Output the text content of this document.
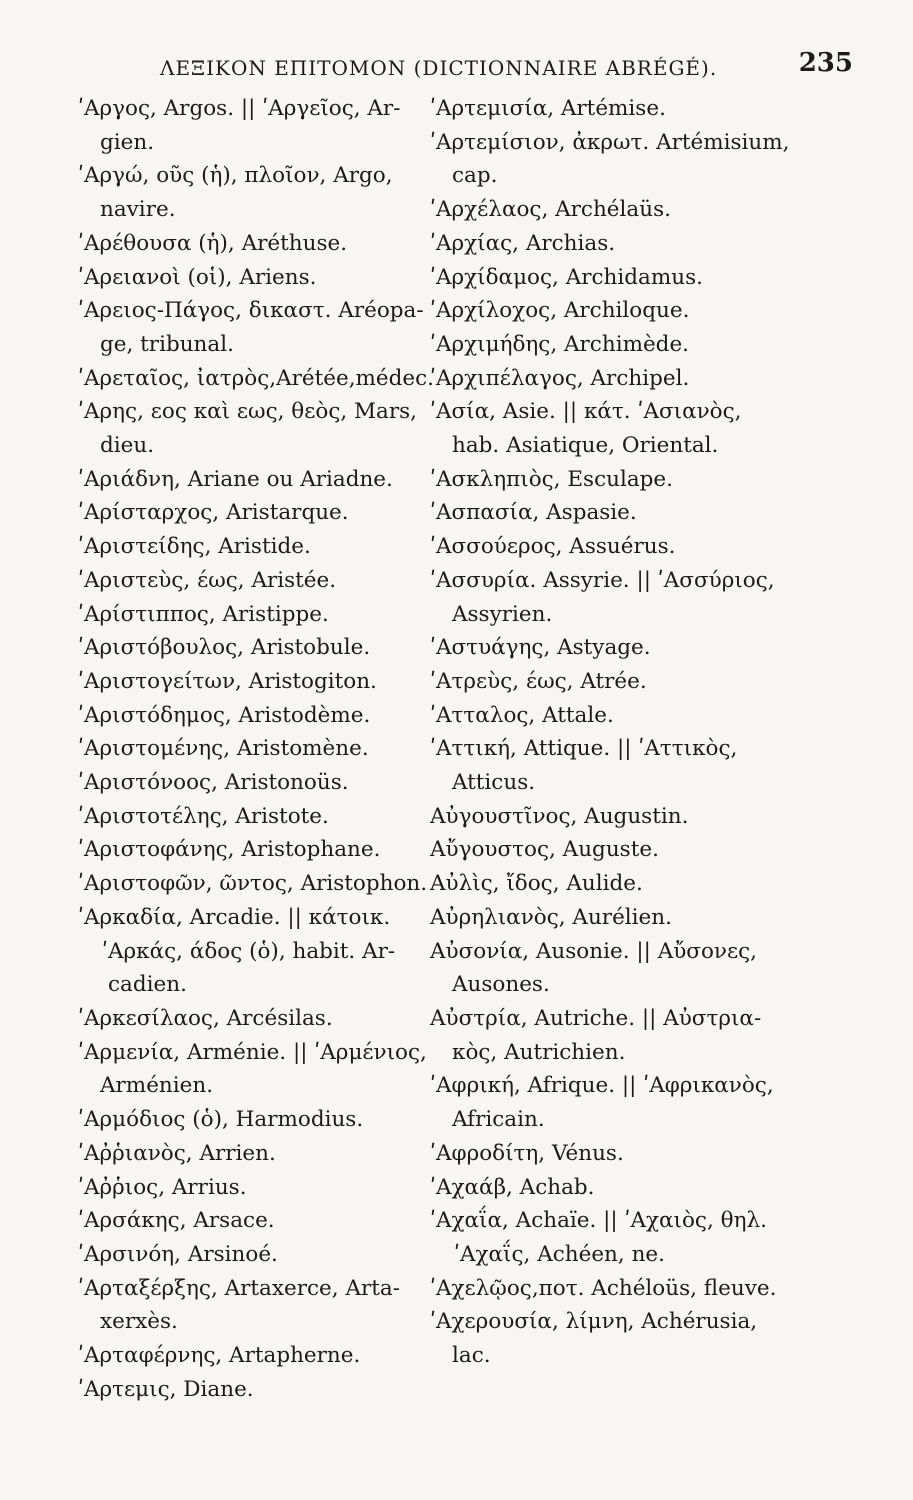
ΛΕΞΙΚΟΝ ΕΠΙΤΟΜΟΝ (DICTIONNAIRE ABRÉGÉ).	235
ʹΑργος, Argos. || ʹΑργεῖος, Ar-
gien.
ʹΑργώ, οῦς (ἡ), πλοῖον, Argo,
navire.
ʹΑρέθουσα (ἡ), Aréthuse.
ʹΑρειανοὶ (οἱ), Ariens.
ʹΑρειος-Πάγος, δικαστ. Aréopa-
ge, tribunal.
ʹΑρεταῖος, ἰατρὸς,Arétée,médec.
ʹΑρης, εος καὶ εως, θεὸς, Mars,
dieu.
ʹΑριάδνη, Ariane ou Ariadne.
ʹΑρίσταρχος, Aristarque.
ʹΑριστείδης, Aristide.
ʹΑριστεὺς, έως, Aristée.
ʹΑρίστιππος, Aristippe.
ʹΑριστόβουλος, Aristobule.
ʹΑριστογείτων, Aristogiton.
ʹΑριστόδημος, Aristodème.
ʹΑριστομένης, Aristomène.
ʹΑριστόνοος, Aristonoüs.
ʹΑριστοτέλης, Aristote.
ʹΑριστοφάνης, Aristophane.
ʹΑριστοφῶν, ῶντος, Aristophon.
ʹΑρκαδία, Arcadie. || κάτοικ.
ʹΑρκάς, άδος (ὁ), habit. Ar-
cadien.
ʹΑρκεσίλαος, Arcésilas.
ʹΑρμενία, Arménie. || ʹΑρμένιος,
Arménien.
ʹΑρμόδιος (ὁ), Harmodius.
ʹΑῤῥιανὸς, Arrien.
ʹΑῤῥιος, Arrius.
ʹΑρσάκης, Arsace.
ʹΑρσινόη, Arsinoé.
ʹΑρταξέρξης, Artaxerce, Arta-
xerxès.
ʹΑρταφέρνης, Artapherne.
ʹΑρτεμις, Diane.
ʹΑρτεμισία, Artémise.
ʹΑρτεμίσιον, ἀκρωτ. Artémisium,
cap.
ʹΑρχέλαος, Archélaüs.
ʹΑρχίας, Archias.
ʹΑρχίδαμος, Archidamus.
ʹΑρχίλοχος, Archiloque.
ʹΑρχιμήδης, Archimède.
ʹΑρχιπέλαγος, Archipel.
ʹΑσία, Asie. || κάτ. ʹΑσιανὸς,
hab. Asiatique, Oriental.
ʹΑσκληπιὸς, Esculape.
ʹΑσπασία, Aspasie.
ʹΑσσούερος, Assuérus.
ʹΑσσυρία. Assyrie. || ʹΑσσύριος,
Assyrien.
ʹΑστυάγης, Astyage.
ʹΑτρεὺς, έως, Atrée.
ʹΑτταλος, Attale.
ʹΑττική, Attique. || ʹΑττικὸς,
Atticus.
Αὐγουστῖνος, Augustin.
Αὔγουστος, Auguste.
Αὐλὶς, ἴδος, Aulide.
Αὐρηλιανὸς, Aurélien.
Αὐσονία, Ausonie. || Αὔσονες,
Ausones.
Αὐστρία, Autriche. || Αὐστρια-
κὸς, Autrichien.
ʹΑφρική, Afrique. || ʹΑφρικανὸς,
Africain.
ʹΑφροδίτη, Vénus.
ʹΑχαάβ, Achab.
ʹΑχαΐα, Achaïe. || ʹΑχαιὸς, θηλ.
ʹΑχαΐς, Achéen, ne.
ʹΑχελῷος,ποτ. Achéloüs, fleuve.
ʹΑχερουσία, λίμνη, Achérusia,
lac.
